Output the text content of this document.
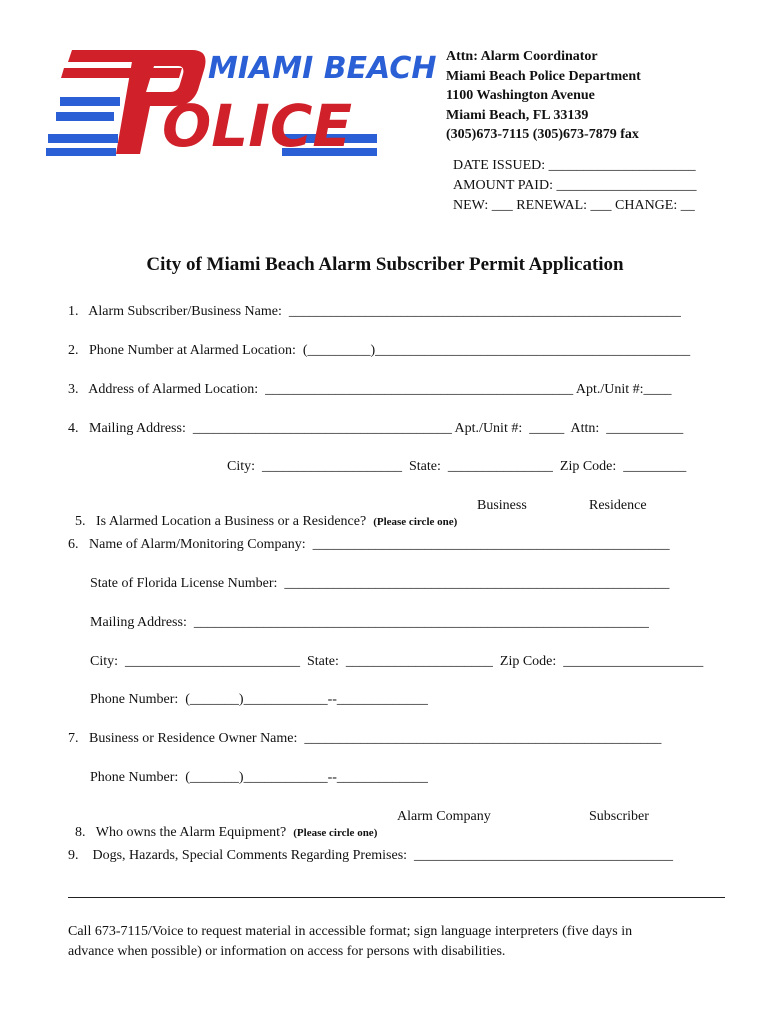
MIAMI BEACH
OLICE
Attn: Alarm Coordinator
Miami Beach Police Department
1100 Washington Avenue
Miami Beach, FL 33139
(305)673-7115 (305)673-7879 fax
DATE ISSUED: _____________________
AMOUNT PAID: ____________________
NEW: ___ RENEWAL: ___ CHANGE: __
City of Miami Beach Alarm Subscriber Permit Application
1.   Alarm Subscriber/Business Name:  ________________________________________________________
2.   Phone Number at Alarmed Location:  (_________)_____________________________________________
3.   Address of Alarmed Location:  ____________________________________________ Apt./Unit #:____
4.   Mailing Address:  _____________________________________ Apt./Unit #:  _____  Attn:  ___________
City:  ____________________  State:  _______________  Zip Code:  _________

5.   Is Alarmed Location a Business or a Residence?  (Please circle one)

Business	Residence
6.   Name of Alarm/Monitoring Company:  ___________________________________________________
State of Florida License Number:  _______________________________________________________
Mailing Address:  _________________________________________________________________
City:  _________________________  State:  _____________________  Zip Code:  ____________________
Phone Number:  (_______)____________--_____________
7.   Business or Residence Owner Name:  ___________________________________________________
Phone Number:  (_______)____________--_____________

8.   Who owns the Alarm Equipment?  (Please circle one)

Alarm Company	Subscriber
9.    Dogs, Hazards, Special Comments Regarding Premises:  _____________________________________
Call 673-7115/Voice to request material in accessible format; sign language interpreters (five days in
advance when possible) or information on access for persons with disabilities.
